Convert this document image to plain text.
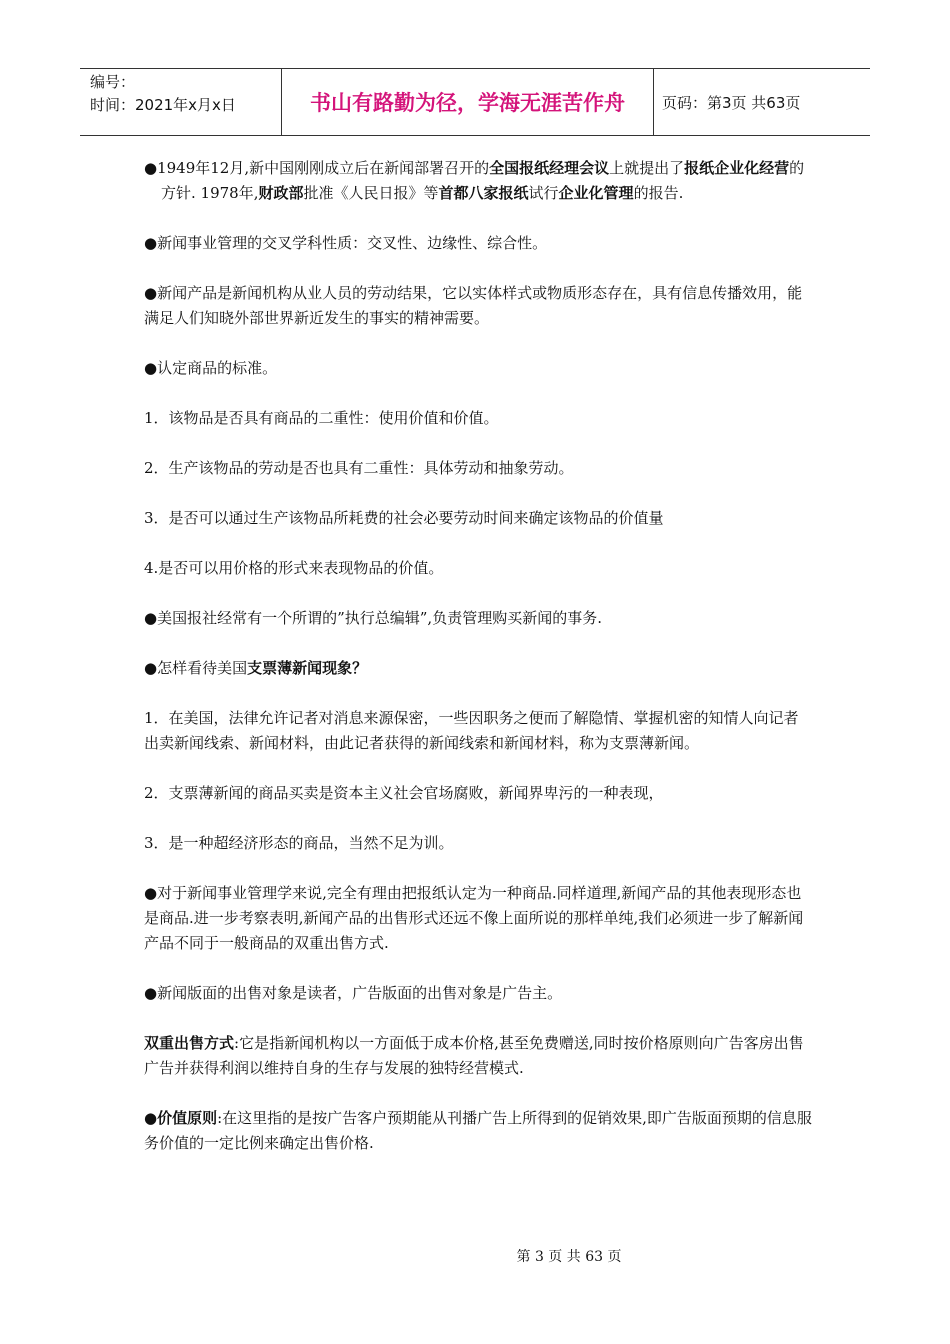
编号：
时间：2021年x月x日	书山有路勤为径，学海无涯苦作舟	页码：第3页 共63页

●1949年12月,新中国刚刚成立后在新闻部署召开的全国报纸经理会议上就提出了报纸企业化经营的方针. 1978年,财政部批准《人民日报》等首都八家报纸试行企业化管理的报告.

●新闻事业管理的交叉学科性质：交叉性、边缘性、综合性。

●新闻产品是新闻机构从业人员的劳动结果，它以实体样式或物质形态存在，具有信息传播效用，能满足人们知晓外部世界新近发生的事实的精神需要。

●认定商品的标准。

1．该物品是否具有商品的二重性：使用价值和价值。

2．生产该物品的劳动是否也具有二重性：具体劳动和抽象劳动。

3．是否可以通过生产该物品所耗费的社会必要劳动时间来确定该物品的价值量

4.是否可以用价格的形式来表现物品的价值。

●美国报社经常有一个所谓的”执行总编辑”,负责管理购买新闻的事务.

●怎样看待美国支票薄新闻现象？

1．在美国，法律允许记者对消息来源保密，一些因职务之便而了解隐情、掌握机密的知情人向记者出卖新闻线索、新闻材料，由此记者获得的新闻线索和新闻材料，称为支票薄新闻。

2．支票薄新闻的商品买卖是资本主义社会官场腐败，新闻界卑污的一种表现，

3．是一种超经济形态的商品，当然不足为训。

●对于新闻事业管理学来说,完全有理由把报纸认定为一种商品.同样道理,新闻产品的其他表现形态也是商品.进一步考察表明,新闻产品的出售形式还远不像上面所说的那样单纯,我们必须进一步了解新闻产品不同于一般商品的双重出售方式.

●新闻版面的出售对象是读者，广告版面的出售对象是广告主。

双重出售方式:它是指新闻机构以一方面低于成本价格,甚至免费赠送,同时按价格原则向广告客房出售广告并获得利润以维持自身的生存与发展的独特经营模式.

●价值原则:在这里指的是按广告客户预期能从刊播广告上所得到的促销效果,即广告版面预期的信息服务价值的一定比例来确定出售价格.

第 3 页 共 63 页
